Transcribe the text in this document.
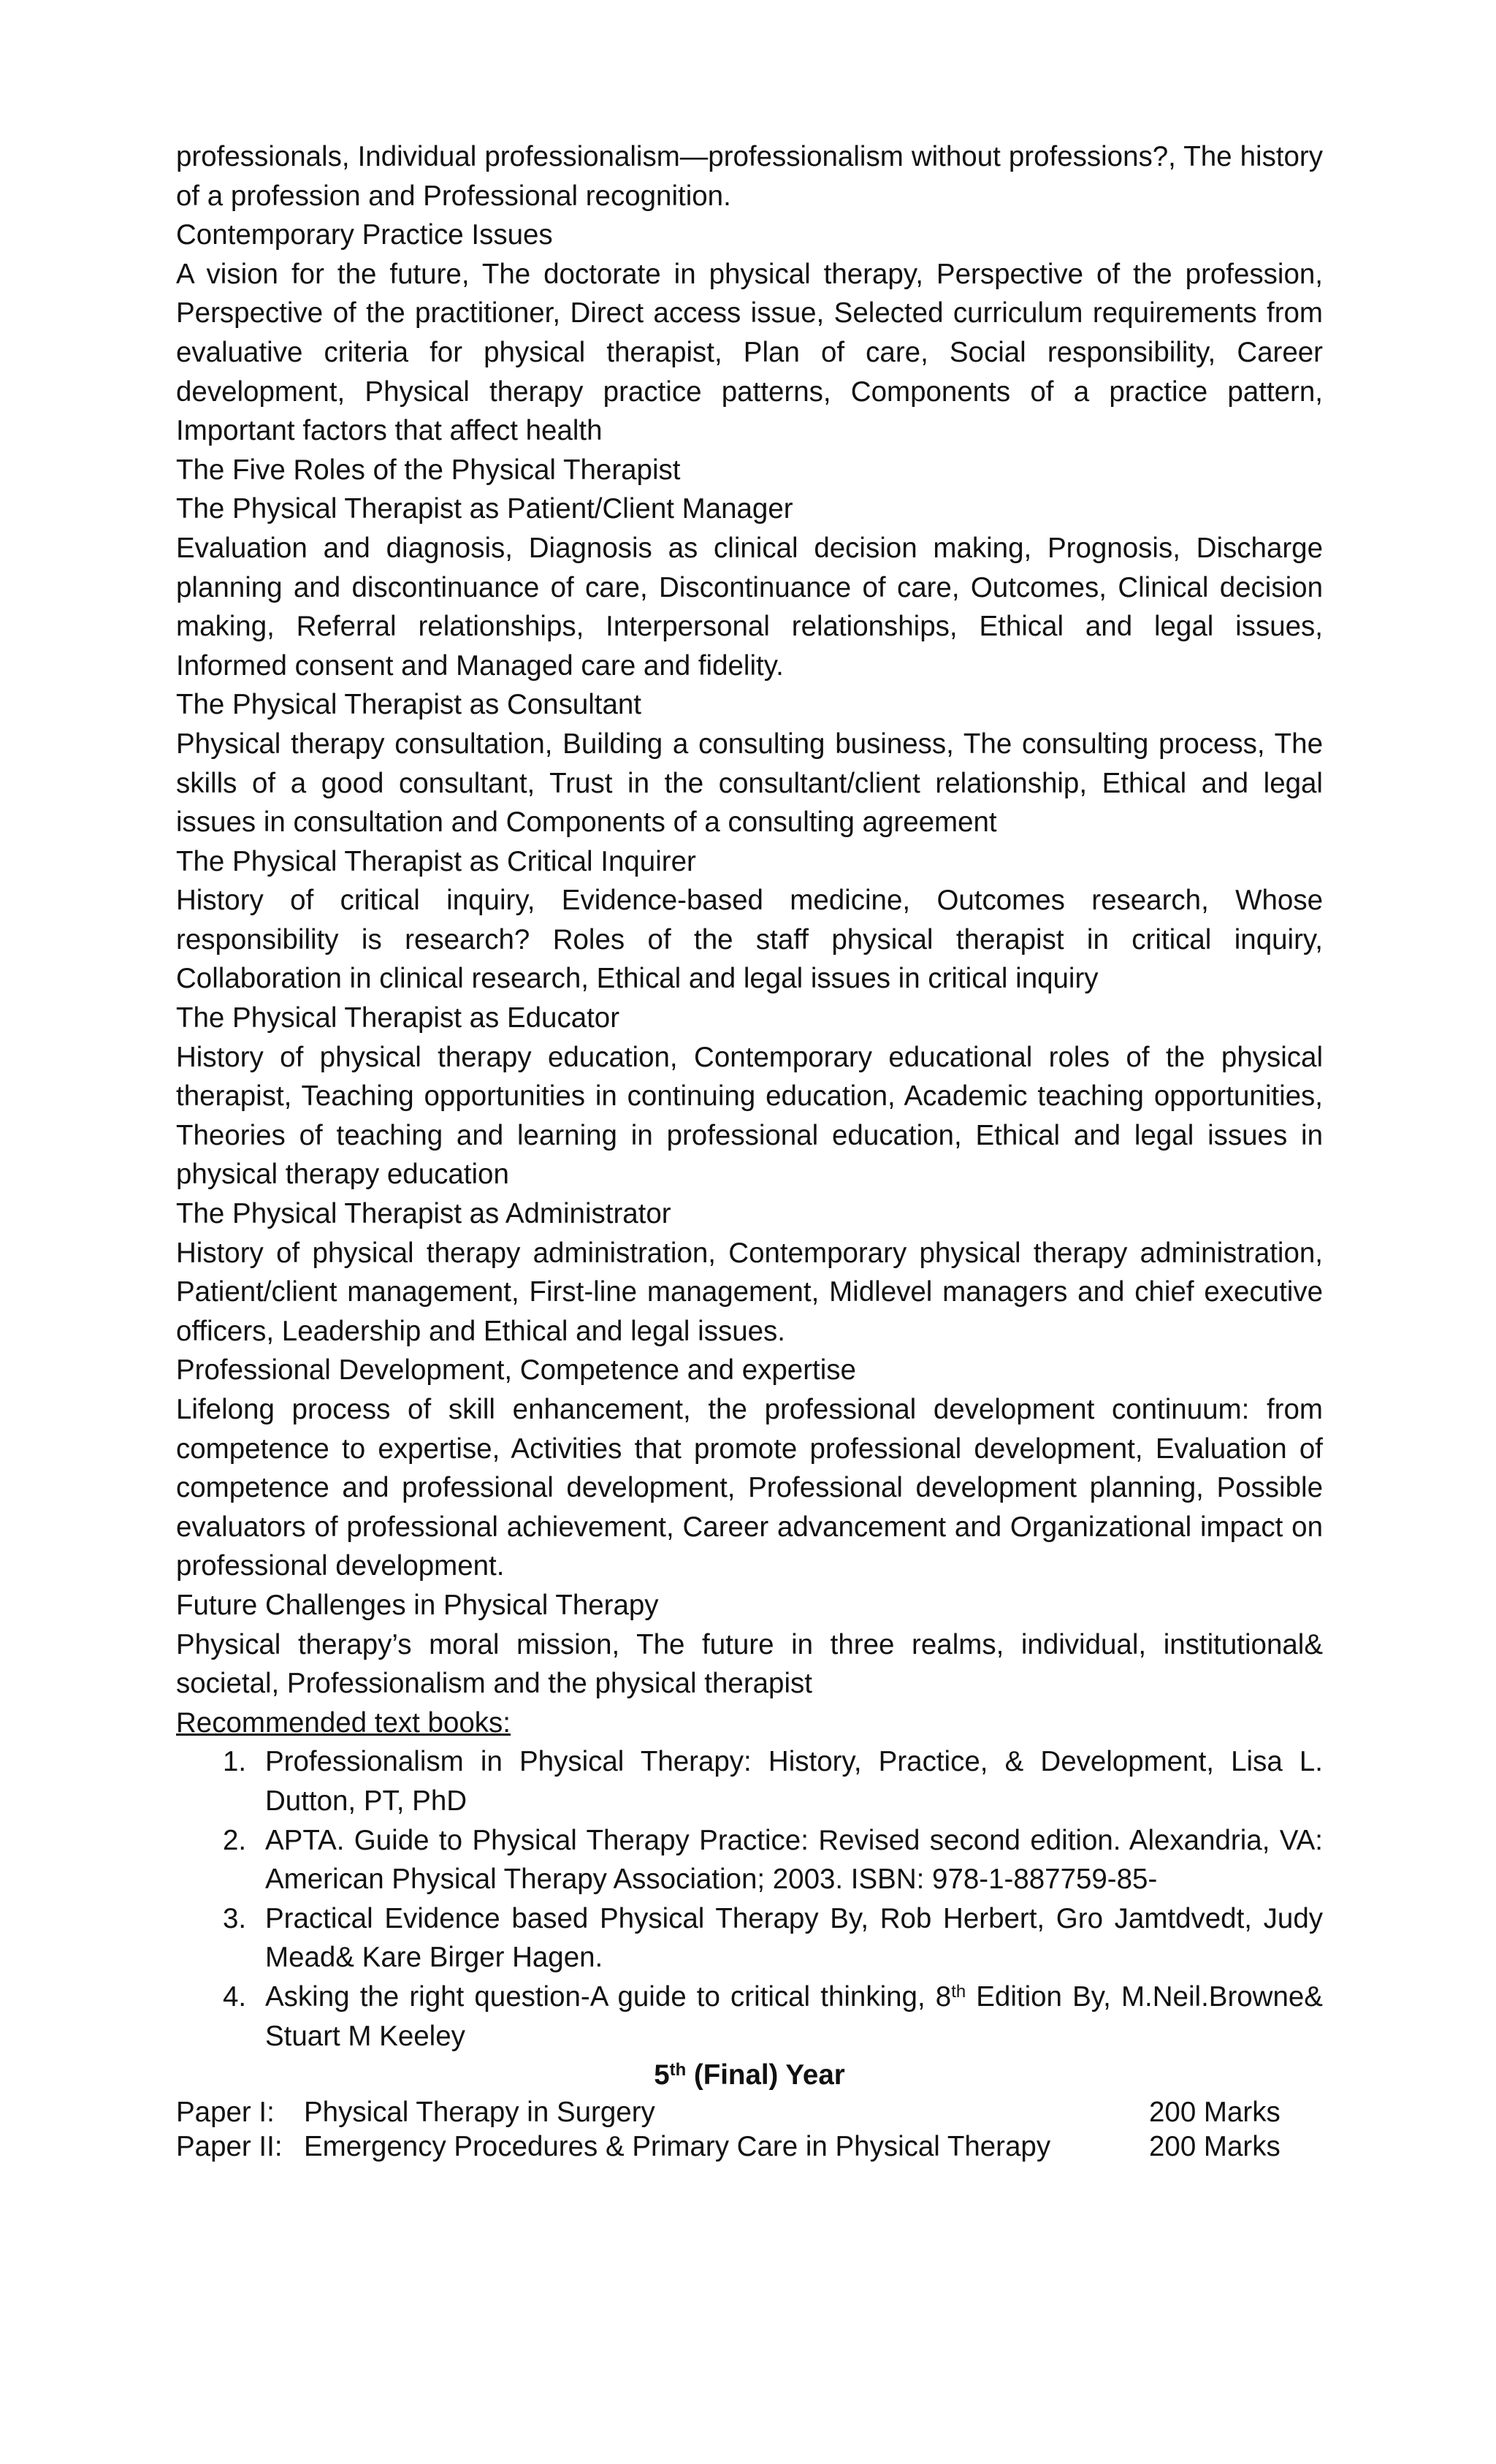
professionals, Individual professionalism—professionalism without professions?, The history of a profession and Professional recognition.

Contemporary Practice Issues

A vision for the future, The doctorate in physical therapy, Perspective of the profession, Perspective of the practitioner, Direct access issue, Selected curriculum requirements from evaluative criteria for physical therapist, Plan of care, Social responsibility, Career development, Physical therapy practice patterns, Components of a practice pattern, Important factors that affect health

The Five Roles of the Physical Therapist

The Physical Therapist as Patient/Client Manager

Evaluation and diagnosis, Diagnosis as clinical decision making, Prognosis, Discharge planning and discontinuance of care, Discontinuance of care, Outcomes, Clinical decision making, Referral relationships, Interpersonal relationships, Ethical and legal issues, Informed consent and Managed care and fidelity.

The Physical Therapist as Consultant

Physical therapy consultation, Building a consulting business, The consulting process, The skills of a good consultant, Trust in the consultant/client relationship, Ethical and legal issues in consultation and Components of a consulting agreement

The Physical Therapist as Critical Inquirer

History of critical inquiry, Evidence-based medicine, Outcomes research, Whose responsibility is research? Roles of the staff physical therapist in critical inquiry, Collaboration in clinical research, Ethical and legal issues in critical inquiry

The Physical Therapist as Educator

History of physical therapy education, Contemporary educational roles of the physical therapist, Teaching opportunities in continuing education, Academic teaching opportunities, Theories of teaching and learning in professional education, Ethical and legal issues in physical therapy education

The Physical Therapist as Administrator

History of physical therapy administration, Contemporary physical therapy administration, Patient/client management, First-line management, Midlevel managers and chief executive officers, Leadership and Ethical and legal issues.

Professional Development, Competence and expertise

Lifelong process of skill enhancement, the professional development continuum: from competence to expertise, Activities that promote professional development, Evaluation of competence and professional development, Professional development planning, Possible evaluators of professional achievement, Career advancement and Organizational impact on professional development.

Future Challenges in Physical Therapy

Physical therapy’s moral mission, The future in three realms, individual, institutional& societal, Professionalism and the physical therapist

Recommended text books:

1. Professionalism in Physical Therapy: History, Practice, & Development, Lisa L. Dutton, PT, PhD
2. APTA. Guide to Physical Therapy Practice: Revised second edition. Alexandria, VA: American Physical Therapy Association; 2003. ISBN: 978-1-887759-85-
3. Practical Evidence based Physical Therapy By, Rob Herbert, Gro Jamtdvedt, Judy Mead& Kare Birger Hagen.
4. Asking the right question-A guide to critical thinking, 8th Edition By, M.Neil.Browne& Stuart M Keeley

5th (Final) Year

Paper I:	Physical Therapy in Surgery	200 Marks
Paper II: Emergency Procedures & Primary Care in Physical Therapy	200 Marks
